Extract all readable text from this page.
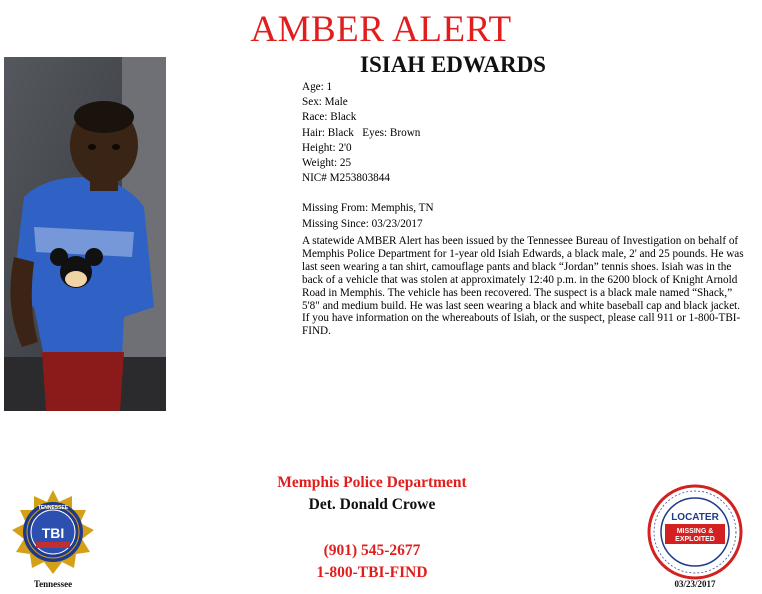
AMBER ALERT
ISIAH EDWARDS
Age: 1
Sex: Male
Race: Black
Hair: Black   Eyes: Brown
Height: 2'0
Weight: 25
NIC# M253803844
Missing From: Memphis, TN
Missing Since: 03/23/2017
A statewide AMBER Alert has been issued by the Tennessee Bureau of Investigation on behalf of Memphis Police Department for 1-year old Isiah Edwards, a black male, 2' and 25 pounds. He was last seen wearing a tan shirt, camouflage pants and black “Jordan” tennis shoes. Isiah was in the back of a vehicle that was stolen at approximately 12:40 p.m. in the 6200 block of Knight Arnold Road in Memphis. The vehicle has been recovered. The suspect is a black male named “Shack,” 5'8" and medium build. He was last seen wearing a black and white baseball cap and black jacket. If you have information on the whereabouts of Isiah, or the suspect, please call 911 or 1-800-TBI-FIND.
Memphis Police Department
Det. Donald Crowe
(901) 545-2677
1-800-TBI-FIND
TENNESSEE
TBI
Tennessee
LOCATER
MISSING &
EXPLOITED
03/23/2017
